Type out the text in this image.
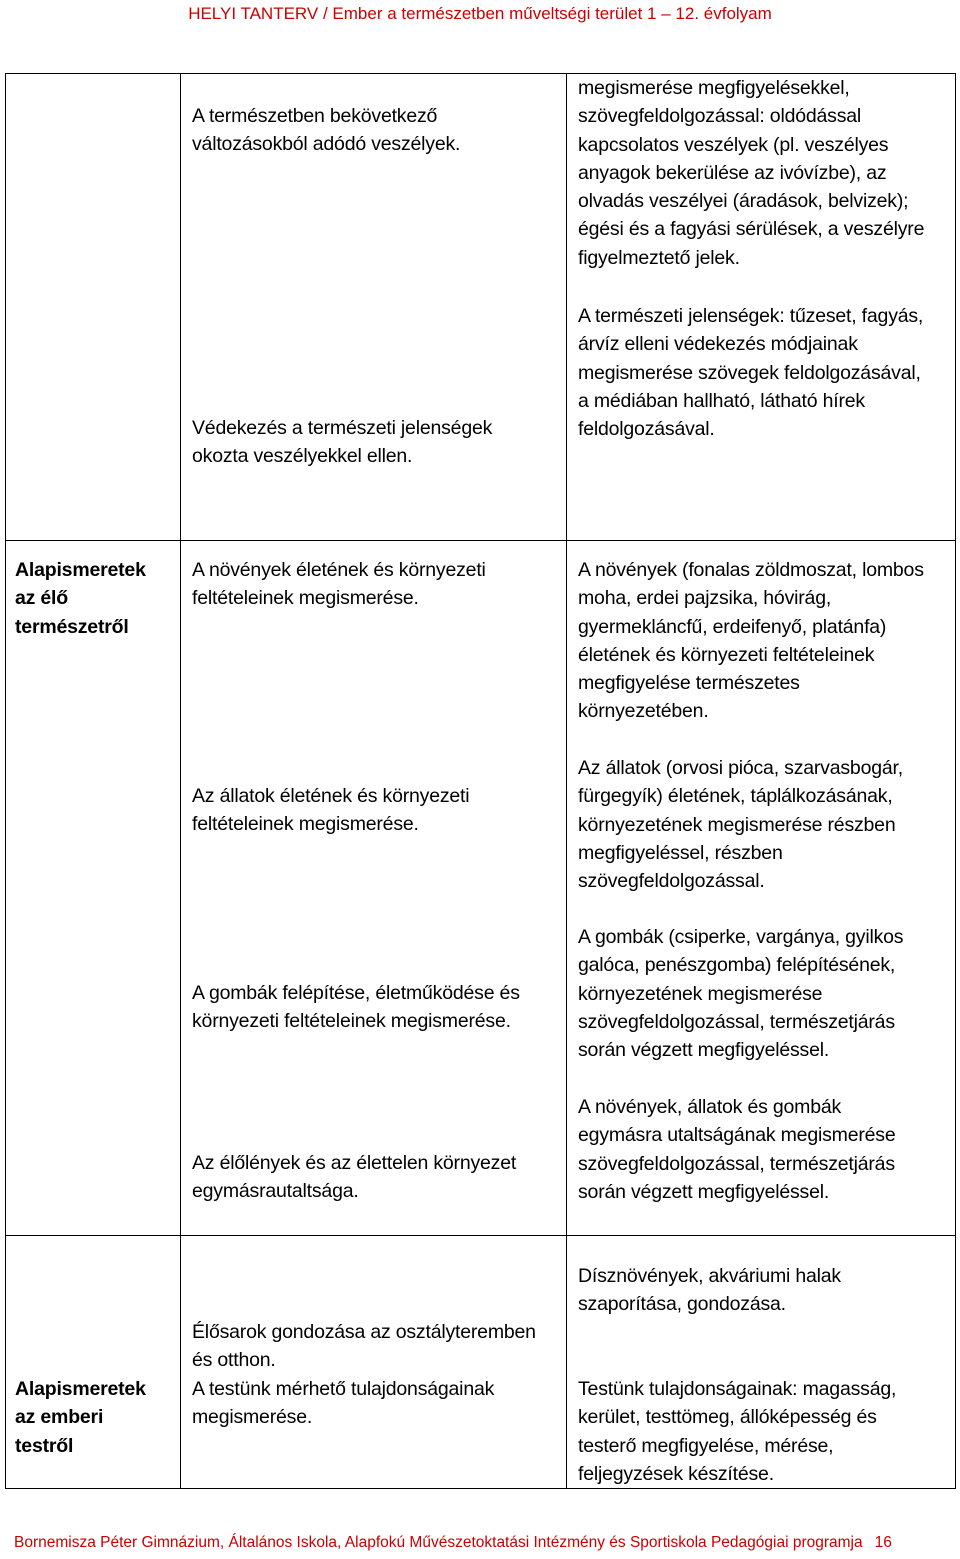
HELYI TANTERV / Ember a természetben műveltségi terület 1 – 12. évfolyam
A természetben bekövetkező
változásokból adódó veszélyek.
Védekezés a természeti jelenségek
okozta veszélyekkel ellen.
megismerése megfigyelésekkel,
szövegfeldolgozással: oldódással
kapcsolatos veszélyek (pl. veszélyes
anyagok bekerülése az ivóvízbe), az
olvadás veszélyei (áradások, belvizek);
égési és a fagyási sérülések, a veszélyre
figyelmeztető jelek.
A természeti jelenségek: tűzeset, fagyás,
árvíz elleni védekezés módjainak
megismerése szövegek feldolgozásával,
a médiában hallható, látható hírek
feldolgozásával.
Alapismeretek
az élő
természetről
A növények életének és környezeti
feltételeinek megismerése.
Az állatok életének és környezeti
feltételeinek megismerése.
A gombák felépítése, életműködése és
környezeti feltételeinek megismerése.
Az élőlények és az élettelen környezet
egymásrautaltsága.
A növények (fonalas zöldmoszat, lombos
moha, erdei pajzsika, hóvirág,
gyermekláncfű, erdeifenyő, platánfa)
életének és környezeti feltételeinek
megfigyelése természetes
környezetében.
Az állatok (orvosi pióca, szarvasbogár,
fürgegyík) életének, táplálkozásának,
környezetének megismerése részben
megfigyeléssel, részben
szövegfeldolgozással.
A gombák (csiperke, vargánya, gyilkos
galóca, penészgomba) felépítésének,
környezetének megismerése
szövegfeldolgozással, természetjárás
során végzett megfigyeléssel.
A növények, állatok és gombák
egymásra utaltságának megismerése
szövegfeldolgozással, természetjárás
során végzett megfigyeléssel.
Alapismeretek
az emberi
testről
Élősarok gondozása az osztályteremben
és otthon.
A testünk mérhető tulajdonságainak
megismerése.
Dísznövények, akváriumi halak
szaporítása, gondozása.
Testünk tulajdonságainak: magasság,
kerület, testtömeg, állóképesség és
testerő megfigyelése, mérése,
feljegyzések készítése.
Bornemisza Péter Gimnázium, Általános Iskola, Alapfokú Művészetoktatási Intézmény és Sportiskola Pedagógiai programja 16
